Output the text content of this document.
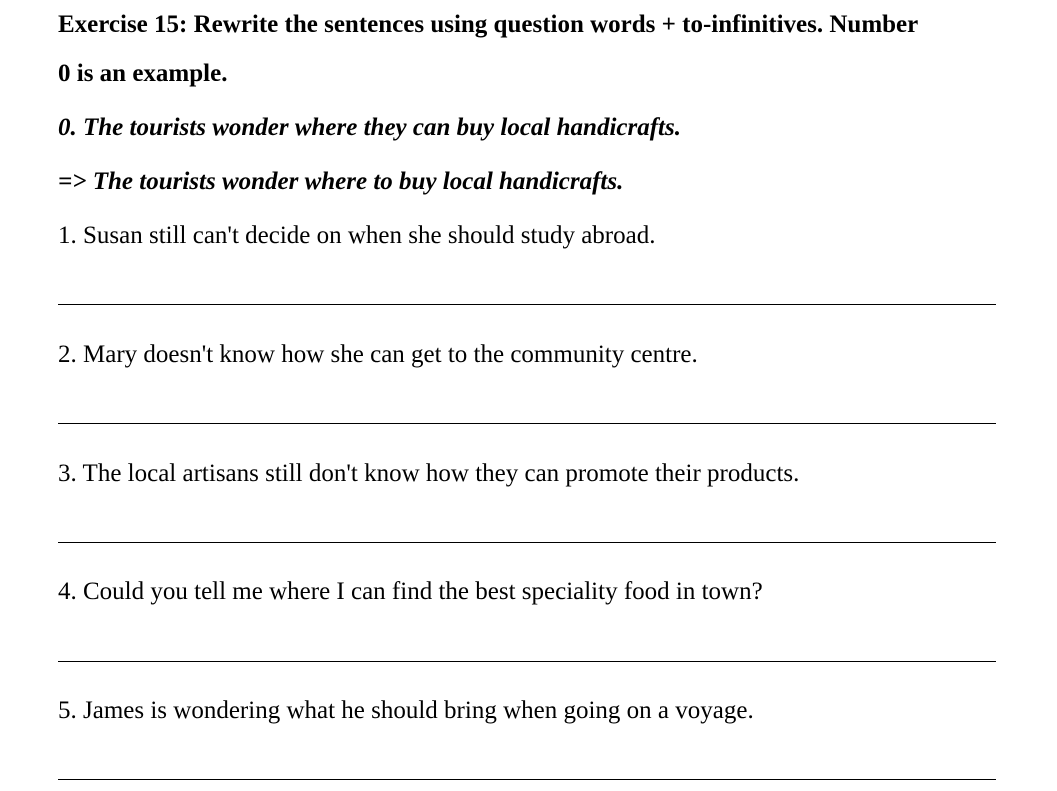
Exercise 15: Rewrite the sentences using question words + to-infinitives. Number
0 is an example.
0. The tourists wonder where they can buy local handicrafts.
=> The tourists wonder where to buy local handicrafts.
1. Susan still can't decide on when she should study abroad.
2. Mary doesn't know how she can get to the community centre.
3. The local artisans still don't know how they can promote their products.
4. Could you tell me where I can find the best speciality food in town?
5. James is wondering what he should bring when going on a voyage.
